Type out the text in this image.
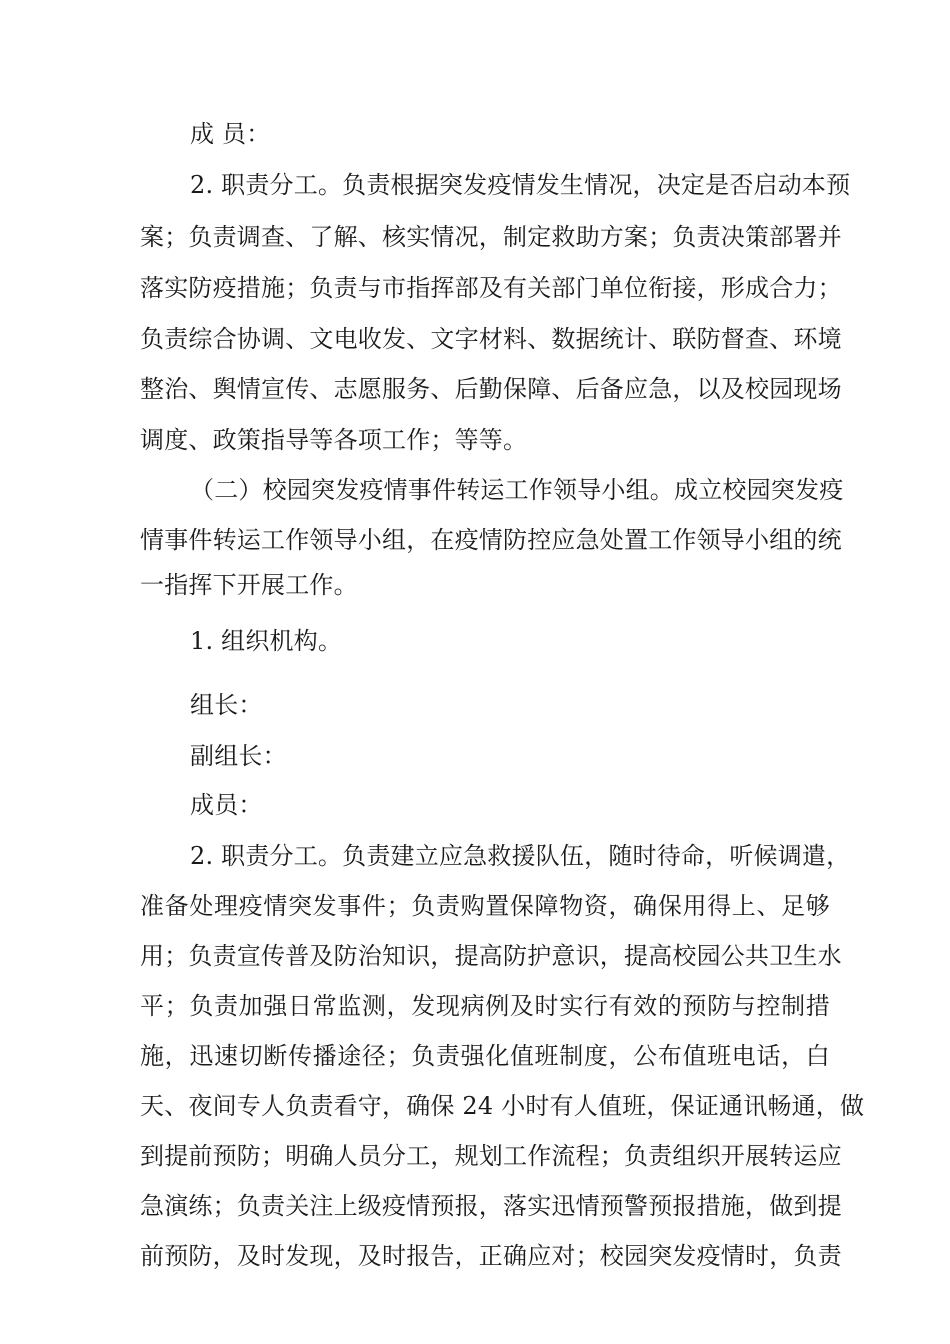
成 员：
2. 职责分工。负责根据突发疫情发生情况，决定是否启动本预
案；负责调查、了解、核实情况，制定救助方案；负责决策部署并
落实防疫措施；负责与市指挥部及有关部门单位衔接，形成合力；
负责综合协调、文电收发、文字材料、数据统计、联防督查、环境
整治、舆情宣传、志愿服务、后勤保障、后备应急，以及校园现场
调度、政策指导等各项工作；等等。
（二）校园突发疫情事件转运工作领导小组。成立校园突发疫
情事件转运工作领导小组，在疫情防控应急处置工作领导小组的统
一指挥下开展工作。
1. 组织机构。
组长：
副组长：
成员：
2. 职责分工。负责建立应急救援队伍，随时待命，听候调遣，
准备处理疫情突发事件；负责购置保障物资，确保用得上、足够
用；负责宣传普及防治知识，提高防护意识，提高校园公共卫生水
平；负责加强日常监测，发现病例及时实行有效的预防与控制措
施，迅速切断传播途径；负责强化值班制度，公布值班电话，白
天、夜间专人负责看守，确保 24 小时有人值班，保证通讯畅通，做
到提前预防；明确人员分工，规划工作流程；负责组织开展转运应
急演练；负责关注上级疫情预报，落实迅情预警预报措施，做到提
前预防，及时发现，及时报告，正确应对；校园突发疫情时，负责
